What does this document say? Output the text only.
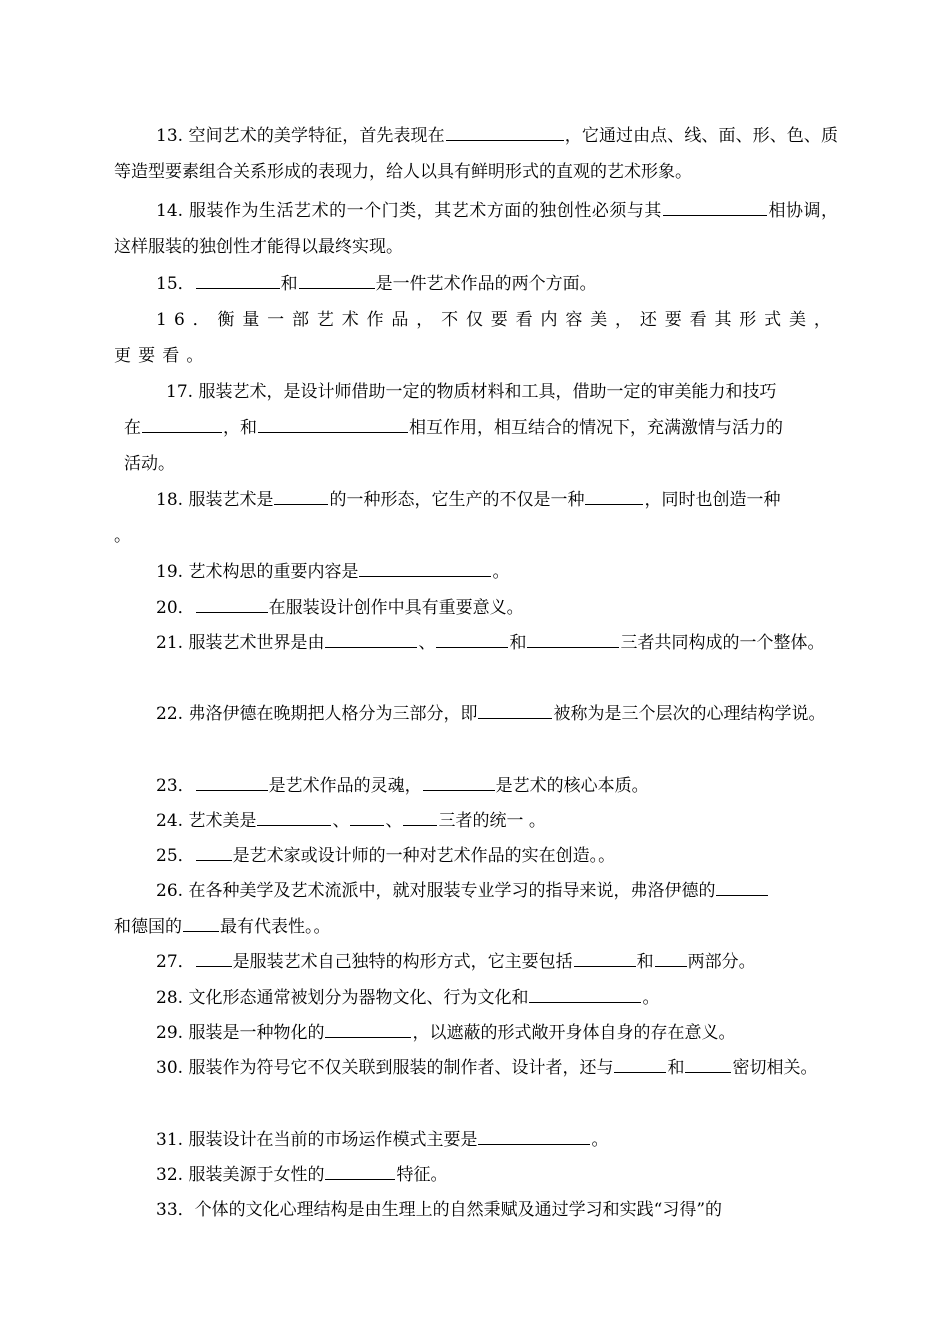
13. 空间艺术的美学特征，首先表现在	，它通过由点、线、面、形、色、质等造型要素组合关系形成的表现力，给人以具有鲜明形式的直观的艺术形象。
14. 服装作为生活艺术的一个门类，其艺术方面的独创性必须与其	相协调，这样服装的独创性才能得以最终实现。
15．	和	是一件艺术作品的两个方面。
16．衡量一部艺术作品，不仅要看内容美，还要看其形式美，更要看。
17. 服装艺术，是设计师借助一定的物质材料和工具，借助一定的审美能力和技巧
在	，和	相互作用，相互结合的情况下，充满激情与活力的
活动。
18. 服装艺术是	的一种形态，它生产的不仅是一种	，同时也创造一种
。
19. 艺术构思的重要内容是	。
20．	在服装设计创作中具有重要意义。
21. 服装艺术世界是由	、	和	三者共同构成的一个整体。
22. 弗洛伊德在晚期把人格分为三部分，即	被称为是三个层次的心理结构学说。
23．	是艺术作品的灵魂，	是艺术的核心本质。
24. 艺术美是	、 、 三者的统一 。
25． 是艺术家或设计师的一种对艺术作品的实在创造。。
26. 在各种美学及艺术流派中，就对服装专业学习的指导来说，弗洛伊德的
和德国的 最有代表性。。
27． 是服装艺术自己独特的构形方式，它主要包括	和 两部分。
28. 文化形态通常被划分为器物文化、行为文化和	。
29. 服装是一种物化的	，以遮蔽的形式敞开身体自身的存在意义。
30. 服装作为符号它不仅关联到服装的制作者、设计者，还与	和	密切相关。
31. 服装设计在当前的市场运作模式主要是	。
32. 服装美源于女性的	特征。
33．个体的文化心理结构是由生理上的自然秉赋及通过学习和实践“习得”的
